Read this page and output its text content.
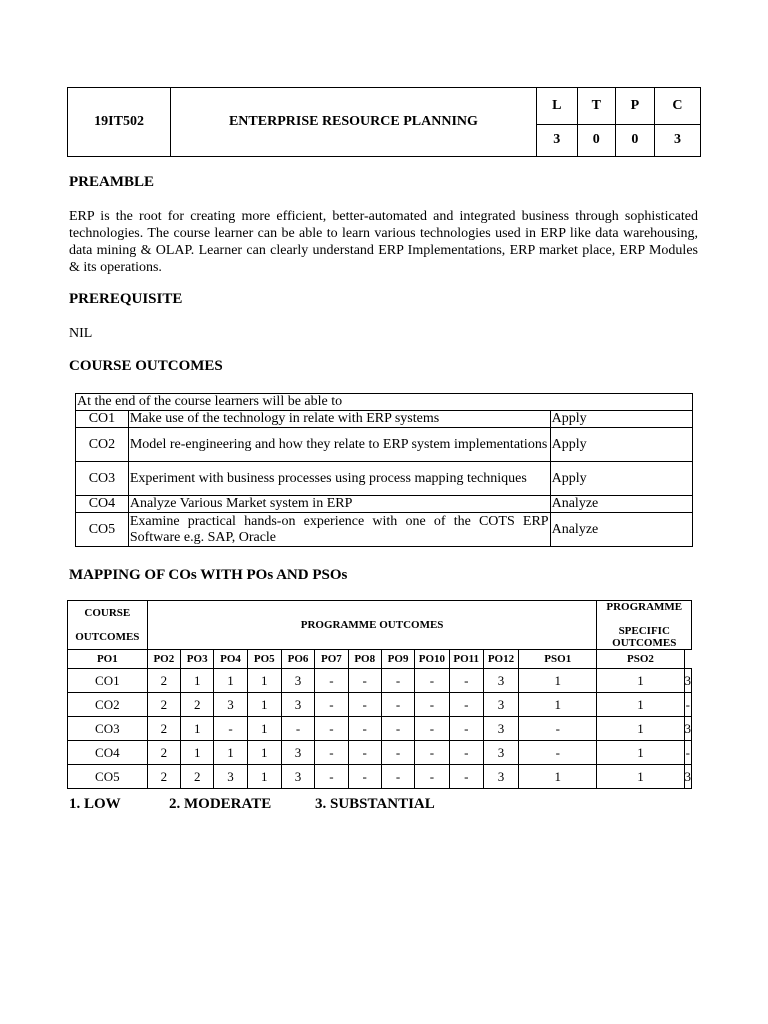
19IT502	ENTERPRISE RESOURCE PLANNING	L	T	P	C
		3	0	0	3
PREAMBLE

ERP is the root for creating more efficient, better-automated and integrated business through sophisticated technologies. The course learner can be able to learn various technologies used in ERP like data warehousing, data mining & OLAP. Learner can clearly understand ERP Implementations, ERP market place, ERP Modules & its operations.

PREREQUISITE
NIL
COURSE OUTCOMES
At the end of the course learners will be able to		
CO1	Make use of the technology in relate with ERP systems	Apply
CO2	Model re-engineering and how they relate to ERP system implementations	Apply
CO3	Experiment with business processes using process mapping techniques	Apply
CO4	Analyze Various Market system in ERP	Analyze
CO5	Examine practical hands-on experience with one of the COTS ERP Software e.g. SAP, Oracle	Analyze
MAPPING OF COs WITH POs AND PSOs
COURSE

OUTCOMES	PROGRAMME OUTCOMES												PROGRAMME

SPECIFIC OUTCOMES	

PO1	PO2	PO3	PO4	PO5	PO6	PO7	PO8	PO9	PO10	PO11	PO12	PSO1	PSO2	
CO1	2	1	1	1	3	-	-	-	-	-	3	1	1	3
CO2	2	2	3	1	3	-	-	-	-	-	3	1	1	-
CO3	2	1	-	1	-	-	-	-	-	-	3	-	1	3
CO4	2	1	1	1	3	-	-	-	-	-	3	-	1	-
CO5	2	2	3	1	3	-	-	-	-	-	3	1	1	3
1. LOW	2. MODERATE	3. SUBSTANTIAL
